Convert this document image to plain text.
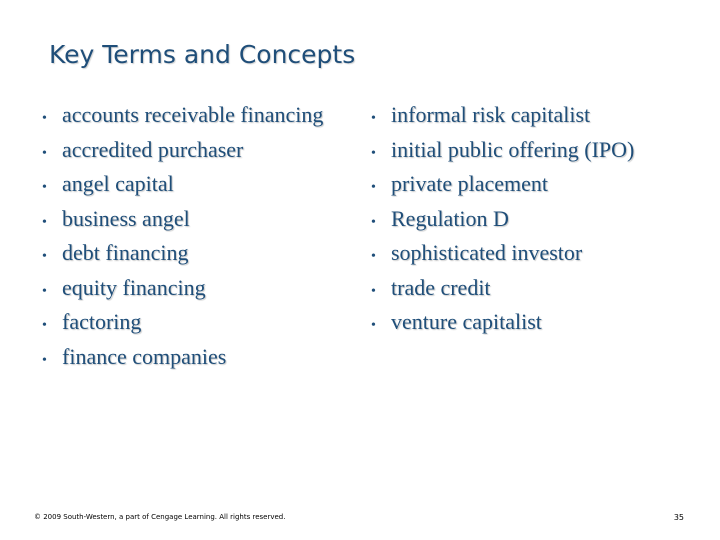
Key Terms and Concepts
• accounts receivable financing
• accredited purchaser
• angel capital
• business angel
• debt financing
• equity financing
• factoring
• finance companies
• informal risk capitalist
• initial public offering (IPO)
• private placement
• Regulation D
• sophisticated investor
• trade credit
• venture capitalist
© 2009 South-Western, a part of Cengage Learning. All rights reserved.	35
